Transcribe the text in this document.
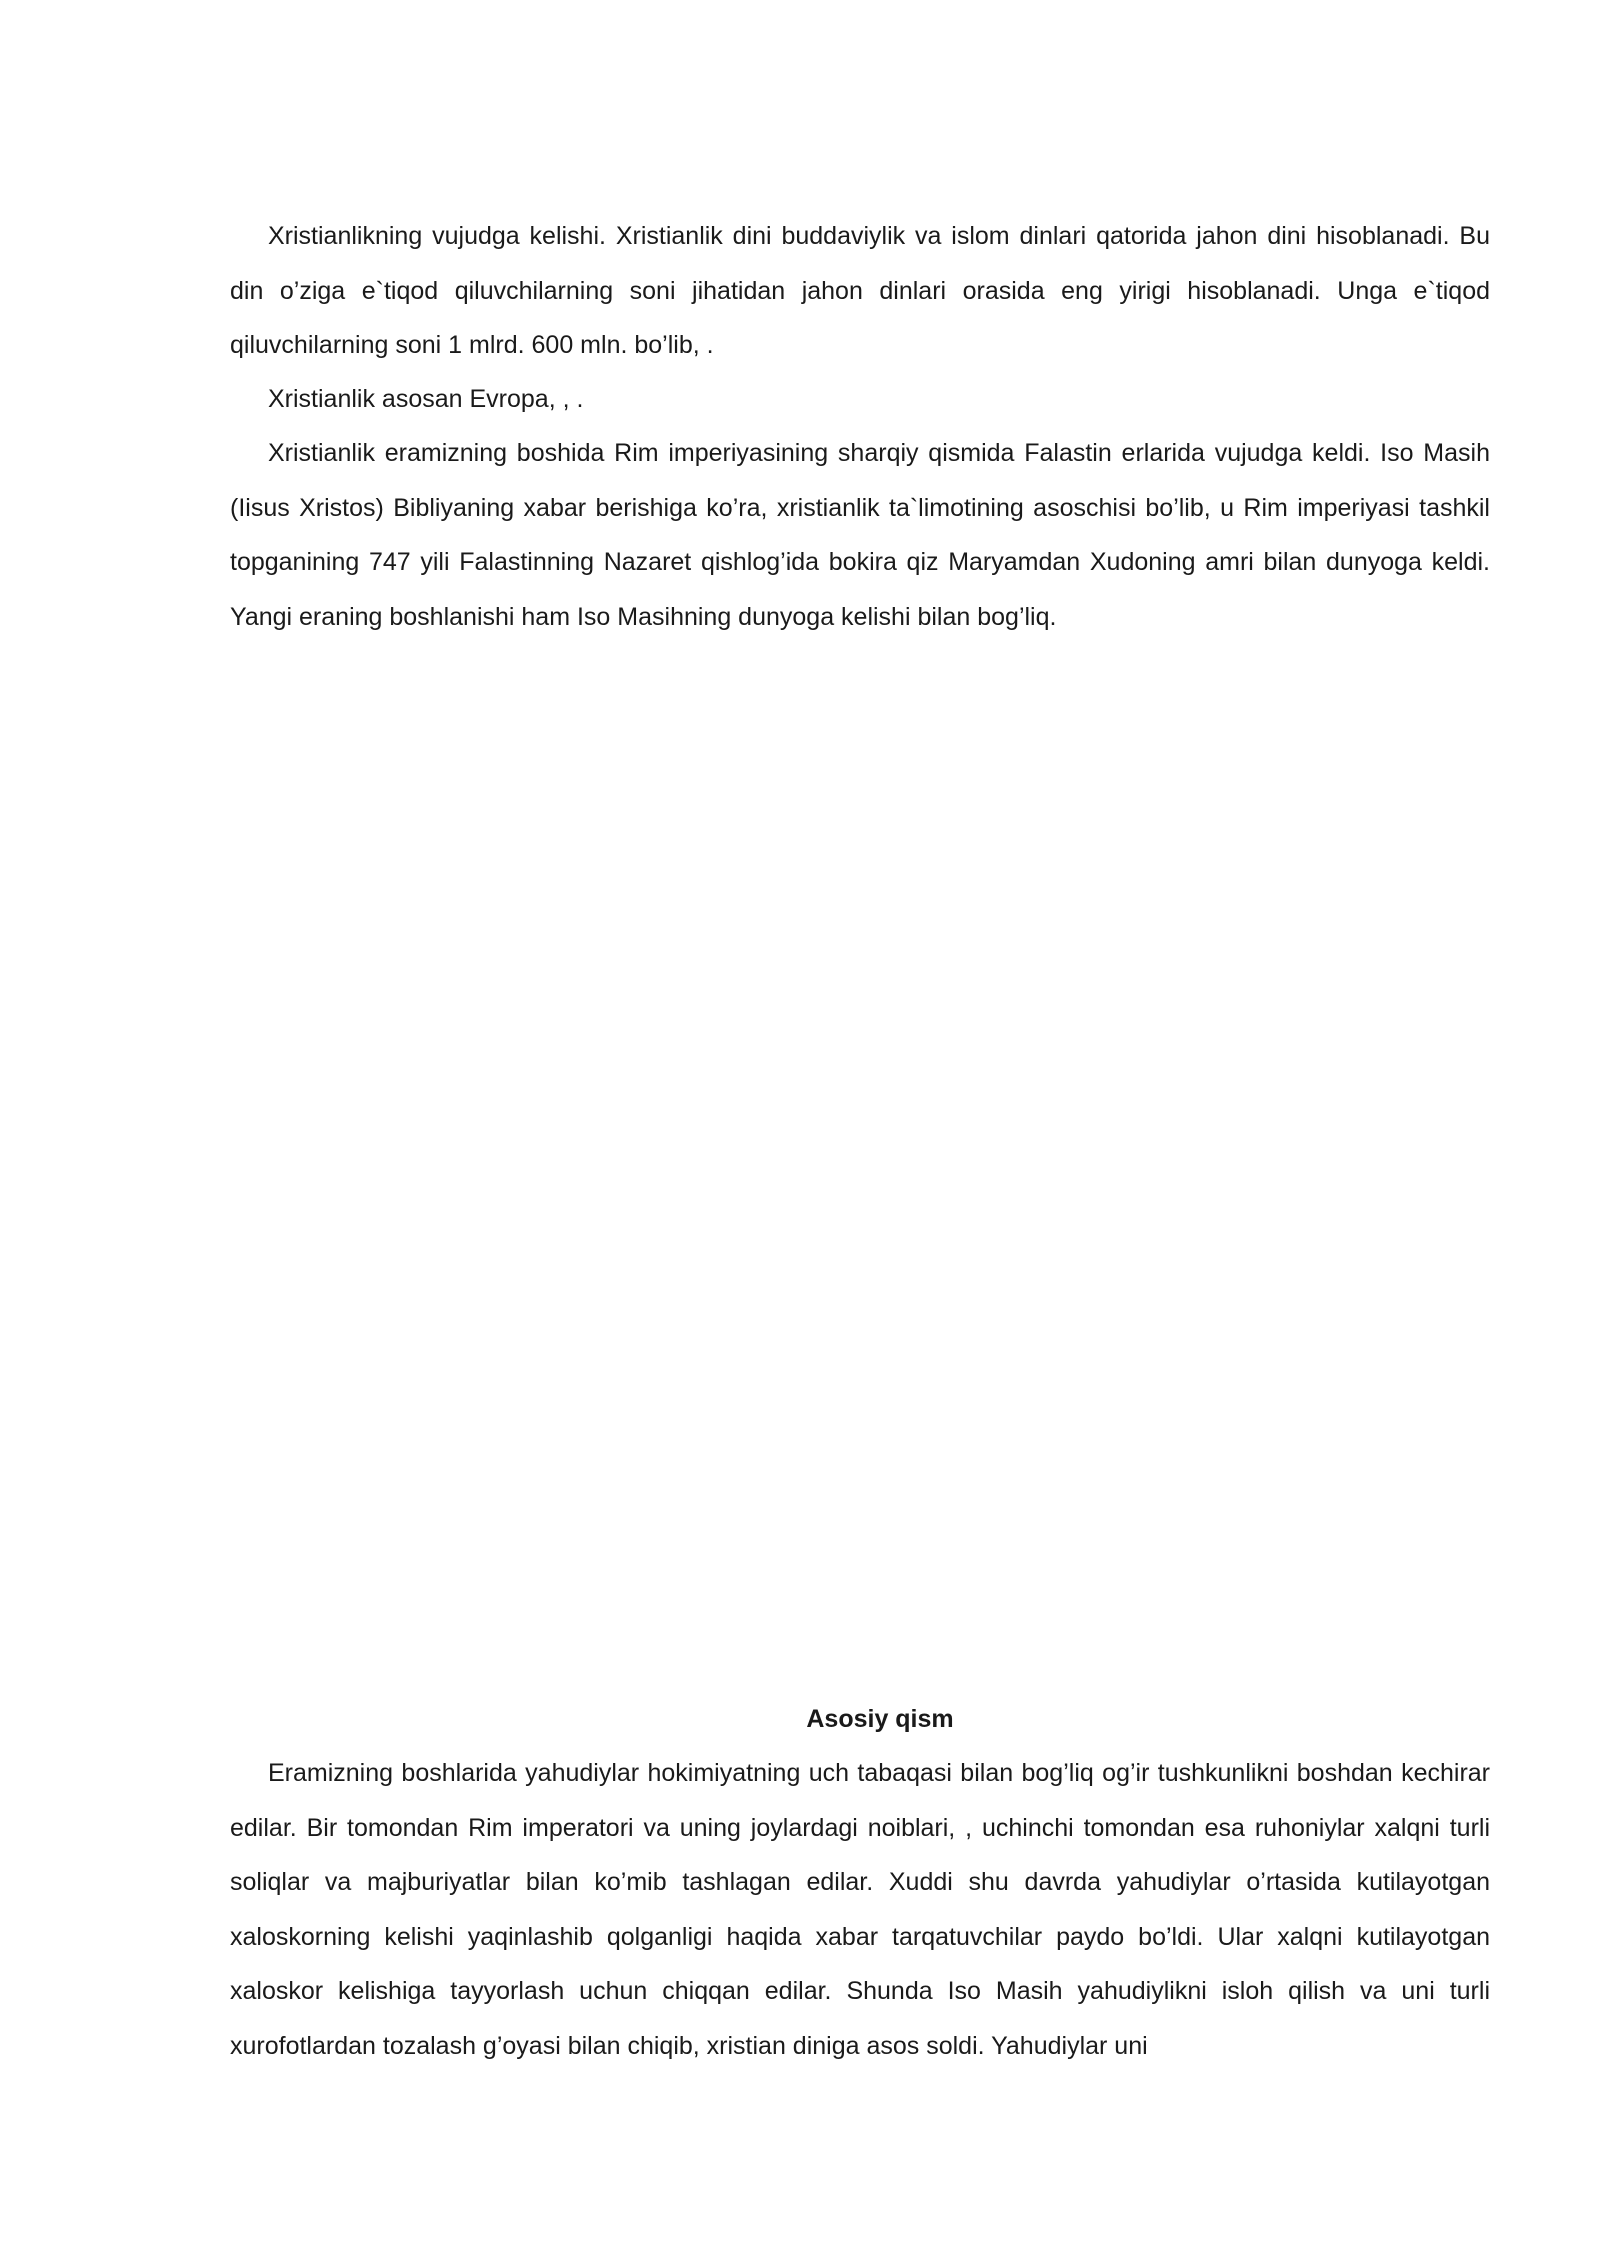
Xristianlikning vujudga kelishi. Xristianlik dini buddaviylik va islom dinlari qatorida jahon dini hisoblanadi. Bu din o’ziga e`tiqod qiluvchilarning soni jihatidan jahon dinlari orasida eng yirigi hisoblanadi. Unga e`tiqod qiluvchilarning soni 1 mlrd. 600 mln. bo’lib, .

Xristianlik asosan Evropa, , .

Xristianlik eramizning boshida Rim imperiyasining sharqiy qismida Falastin erlarida vujudga keldi. Iso Masih (Iisus Xristos) Bibliyaning xabar berishiga ko’ra, xristianlik ta`limotining asoschisi bo’lib, u Rim imperiyasi tashkil topganining 747 yili Falastinning Nazaret qishlog’ida bokira qiz Maryamdan Xudoning amri bilan dunyoga keldi. Yangi eraning boshlanishi ham Iso Masihning dunyoga kelishi bilan bog’liq.

Asosiy qism

Eramizning boshlarida yahudiylar hokimiyatning uch tabaqasi bilan bog’liq og’ir tushkunlikni boshdan kechirar edilar. Bir tomondan Rim imperatori va uning joylardagi noiblari, , uchinchi tomondan esa ruhoniylar xalqni turli soliqlar va majburiyatlar bilan ko’mib tashlagan edilar. Xuddi shu davrda yahudiylar o’rtasida kutilayotgan xaloskorning kelishi yaqinlashib qolganligi haqida xabar tarqatuvchilar paydo bo’ldi. Ular xalqni kutilayotgan xaloskor kelishiga tayyorlash uchun chiqqan edilar. Shunda Iso Masih yahudiylikni isloh qilish va uni turli xurofotlardan tozalash g’oyasi bilan chiqib, xristian diniga asos soldi. Yahudiylar uni
